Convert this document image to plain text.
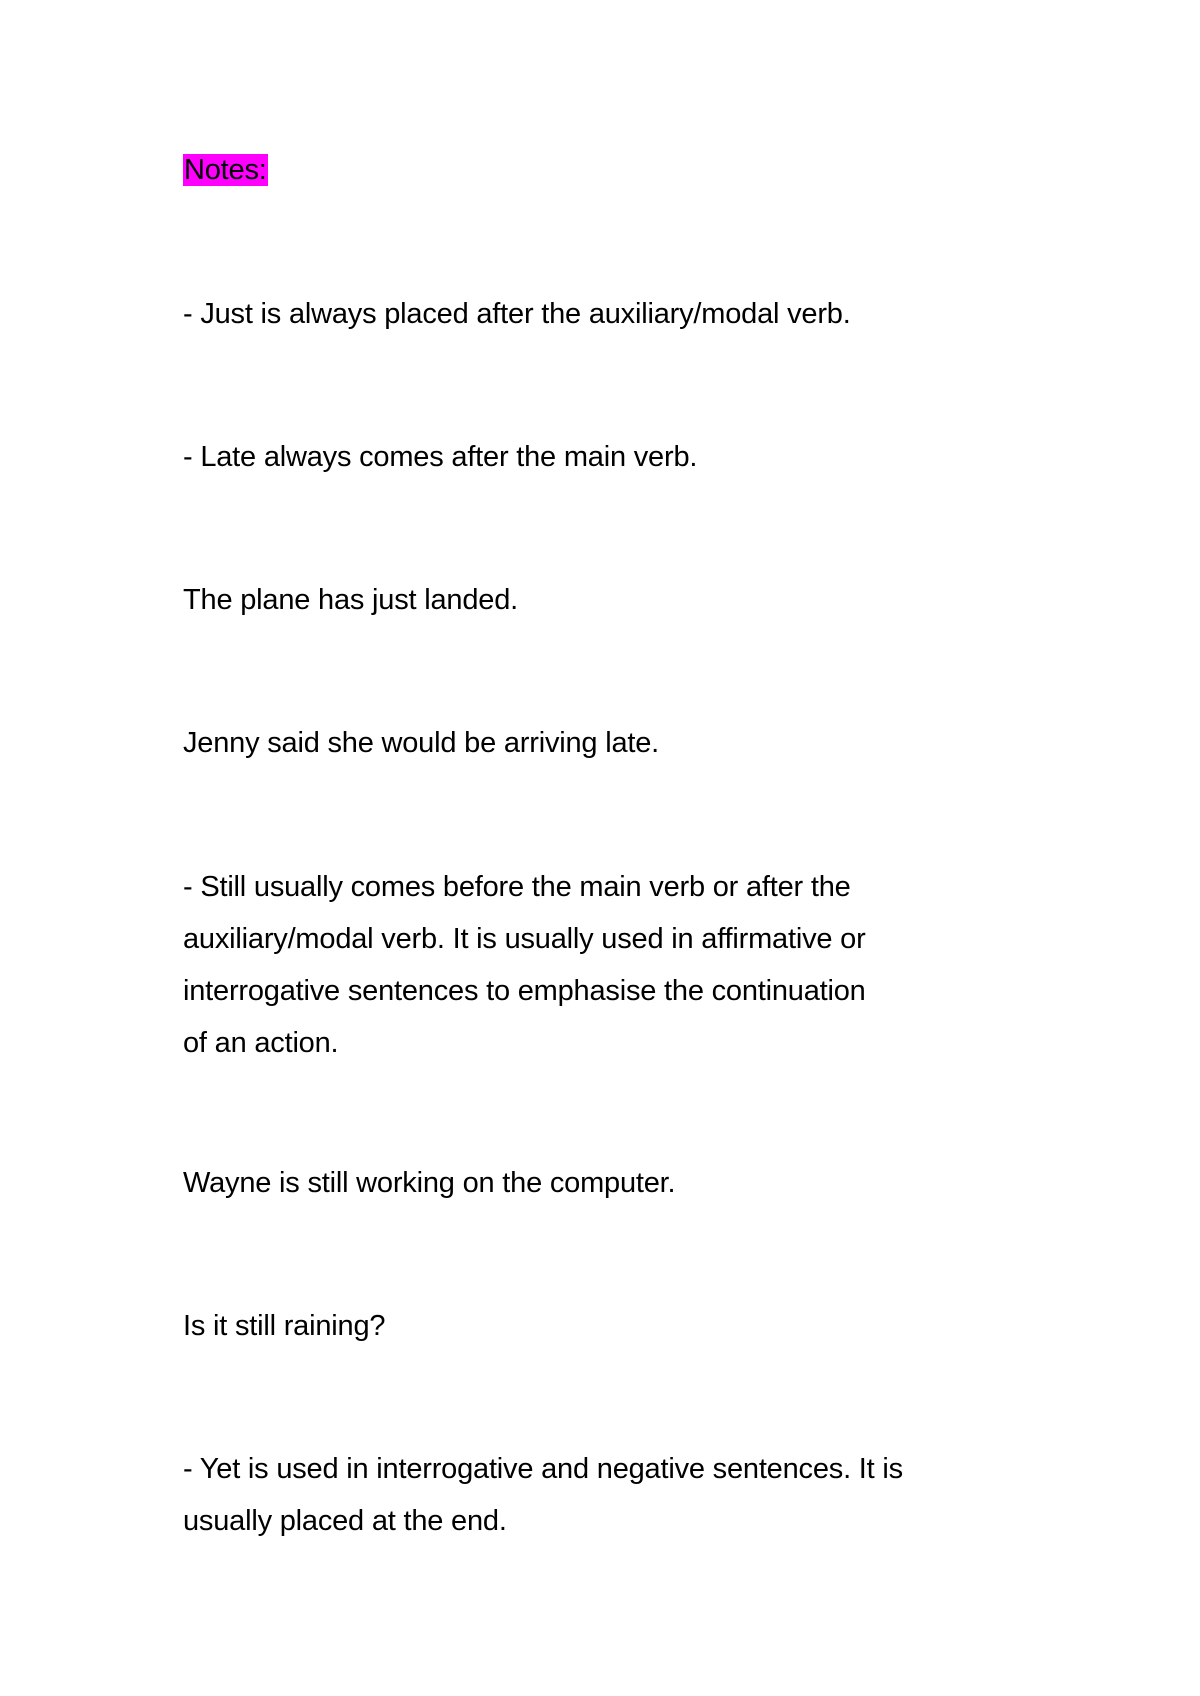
Notes:
- Just is always placed after the auxiliary/modal verb.
- Late always comes after the main verb.
The plane has just landed.
Jenny said she would be arriving late.
- Still usually comes before the main verb or after the
auxiliary/modal verb. It is usually used in affirmative or
interrogative sentences to emphasise the continuation
of an action.
Wayne is still working on the computer.
Is it still raining?
- Yet is used in interrogative and negative sentences. It is
usually placed at the end.
